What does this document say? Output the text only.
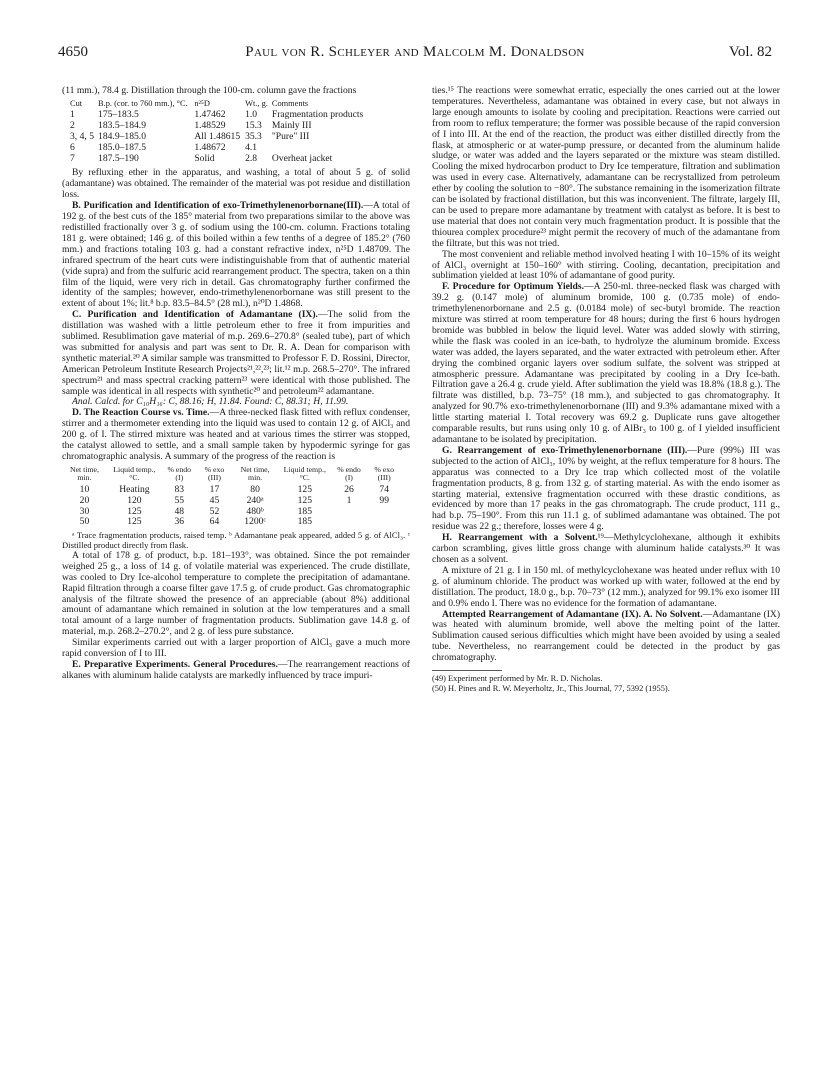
4650	Paul von R. Schleyer and Malcolm M. Donaldson	Vol. 82

(11 mm.), 78.4 g. Distillation through the 100-cm. column gave the fractions

Cut	B.p. (cor. to 760 mm.), °C.	n²⁵D	Wt., g.	Comments
1	175–183.5	1.47462	1.0	Fragmentation products
2	183.5–184.9	1.48529	15.3	Mainly III
3, 4, 5	184.9–185.0	All 1.48615	35.3	"Pure" III
6	185.0–187.5	1.48672	4.1	
7	187.5–190	Solid	2.8	Overheat jacket

By refluxing ether in the apparatus, and washing, a total of about 5 g. of solid (adamantane) was obtained. The remainder of the material was pot residue and distillation loss.

B. Purification and Identification of exo-Trimethylenenorbornane(III).—A total of 192 g. of the best cuts of the 185° material from two preparations similar to the above was redistilled fractionally over 3 g. of sodium using the 100-cm. column. Fractions totaling 181 g. were obtained; 146 g. of this boiled within a few tenths of a degree of 185.2° (760 mm.) and fractions totaling 103 g. had a constant refractive index, n²⁵D 1.48709. The infrared spectrum of the heart cuts were indistinguishable from that of authentic material (vide supra) and from the sulfuric acid rearrangement product. The spectra, taken on a thin film of the liquid, were very rich in detail. Gas chromatography further confirmed the identity of the samples; however, endo-trimethylenenorbornane was still present to the extent of about 1%; lit.⁸ b.p. 83.5–84.5° (28 ml.), n²⁰D 1.4868.

C. Purification and Identification of Adamantane (IX).—The solid from the distillation was washed with a little petroleum ether to free it from impurities and sublimed. Resublimation gave material of m.p. 269.6–270.8° (sealed tube), part of which was submitted for analysis and part was sent to Dr. R. A. Dean for comparison with synthetic material.²⁰ A similar sample was transmitted to Professor F. D. Rossini, Director, American Petroleum Institute Research Projects²¹,²²,²³; lit.¹² m.p. 268.5–270°. The infrared spectrum²¹ and mass spectral cracking pattern²³ were identical with those published. The sample was identical in all respects with synthetic²⁰ and petroleum²² adamantane.

Anal. Calcd. for C₁₀H₁₆: C, 88.16; H, 11.84. Found: C, 88.31; H, 11.99.

D. The Reaction Course vs. Time.—A three-necked flask fitted with reflux condenser, stirrer and a thermometer extending into the liquid was used to contain 12 g. of AlCl₃ and 200 g. of I. The stirred mixture was heated and at various times the stirrer was stopped, the catalyst allowed to settle, and a small sample taken by hypodermic syringe for gas chromatographic analysis. A summary of the progress of the reaction is

Net time, min.	Liquid temp., °C.	% endo (I)	% exo (III)	Net time, min.	Liquid temp., °C.	% endo (I)	% exo (III)
10	Heating	83	17	80	125	26	74
20	120	55	45	240ᵃ	125	1	99
30	125	48	52	480ᵇ	185		
50	125	36	64	1200ᶜ	185		

ᵃ Trace fragmentation products, raised temp. ᵇ Adamantane peak appeared, added 5 g. of AlCl₃. ᶜ Distilled product directly from flask.

A total of 178 g. of product, b.p. 181–193°, was obtained. Since the pot remainder weighed 25 g., a loss of 14 g. of volatile material was experienced. The crude distillate, was cooled to Dry Ice-alcohol temperature to complete the precipitation of adamantane. Rapid filtration through a coarse filter gave 17.5 g. of crude product. Gas chromatographic analysis of the filtrate showed the presence of an appreciable (about 8%) additional amount of adamantane which remained in solution at the low temperatures and a small total amount of a large number of fragmentation products. Sublimation gave 14.8 g. of material, m.p. 268.2–270.2°, and 2 g. of less pure substance.

Similar experiments carried out with a larger proportion of AlCl₃ gave a much more rapid conversion of I to III.

E. Preparative Experiments. General Procedures.—The rearrangement reactions of alkanes with aluminum halide catalysts are markedly influenced by trace impuri-

ties.¹⁵ The reactions were somewhat erratic, especially the ones carried out at the lower temperatures. Nevertheless, adamantane was obtained in every case, but not always in large enough amounts to isolate by cooling and precipitation. Reactions were carried out from room to reflux temperature; the former was possible because of the rapid conversion of I into III. At the end of the reaction, the product was either distilled directly from the flask, at atmospheric or at water-pump pressure, or decanted from the aluminum halide sludge, or water was added and the layers separated or the mixture was steam distilled. Cooling the mixed hydrocarbon product to Dry Ice temperature, filtration and sublimation was used in every case. Alternatively, adamantane can be recrystallized from petroleum ether by cooling the solution to −80°. The substance remaining in the isomerization filtrate can be isolated by fractional distillation, but this was inconvenient. The filtrate, largely III, can be used to prepare more adamantane by treatment with catalyst as before. It is best to use material that does not contain very much fragmentation product. It is possible that the thiourea complex procedure²³ might permit the recovery of much of the adamantane from the filtrate, but this was not tried.

The most convenient and reliable method involved heating I with 10–15% of its weight of AlCl₃ overnight at 150–160° with stirring. Cooling, decantation, precipitation and sublimation yielded at least 10% of adamantane of good purity.

F. Procedure for Optimum Yields.—A 250-ml. three-necked flask was charged with 39.2 g. (0.147 mole) of aluminum bromide, 100 g. (0.735 mole) of endo-trimethylenenorbornane and 2.5 g. (0.0184 mole) of sec-butyl bromide. The reaction mixture was stirred at room temperature for 48 hours; during the first 6 hours hydrogen bromide was bubbled in below the liquid level. Water was added slowly with stirring, while the flask was cooled in an ice-bath, to hydrolyze the aluminum bromide. Excess water was added, the layers separated, and the water extracted with petroleum ether. After drying the combined organic layers over sodium sulfate, the solvent was stripped at atmospheric pressure. Adamantane was precipitated by cooling in a Dry Ice-bath. Filtration gave a 26.4 g. crude yield. After sublimation the yield was 18.8% (18.8 g.). The filtrate was distilled, b.p. 73–75° (18 mm.), and subjected to gas chromatography. It analyzed for 90.7% exo-trimethylenenorbornane (III) and 9.3% adamantane mixed with a little starting material I. Total recovery was 69.2 g. Duplicate runs gave altogether comparable results, but runs using only 10 g. of AlBr₃ to 100 g. of I yielded insufficient adamantane to be isolated by precipitation.

G. Rearrangement of exo-Trimethylenenorbornane (III).—Pure (99%) III was subjected to the action of AlCl₃, 10% by weight, at the reflux temperature for 8 hours. The apparatus was connected to a Dry Ice trap which collected most of the volatile fragmentation products, 8 g. from 132 g. of starting material. As with the endo isomer as starting material, extensive fragmentation occurred with these drastic conditions, as evidenced by more than 17 peaks in the gas chromatograph. The crude product, 111 g., had b.p. 75–190°. From this run 11.1 g. of sublimed adamantane was obtained. The pot residue was 22 g.; therefore, losses were 4 g.

H. Rearrangement with a Solvent.¹⁹—Methylcyclohexane, although it exhibits carbon scrambling, gives little gross change with aluminum halide catalysts.³⁰ It was chosen as a solvent.

A mixture of 21 g. I in 150 ml. of methylcyclohexane was heated under reflux with 10 g. of aluminum chloride. The product was worked up with water, followed at the end by distillation. The product, 18.0 g., b.p. 70–73° (12 mm.), analyzed for 99.1% exo isomer III and 0.9% endo I. There was no evidence for the formation of adamantane.

Attempted Rearrangement of Adamantane (IX). A. No Solvent.—Adamantane (IX) was heated with aluminum bromide, well above the melting point of the latter. Sublimation caused serious difficulties which might have been avoided by using a sealed tube. Nevertheless, no rearrangement could be detected in the product by gas chromatography.

(49) Experiment performed by Mr. R. D. Nicholas.

(50) H. Pines and R. W. Meyerholtz, Jr., This Journal, 77, 5392 (1955).
